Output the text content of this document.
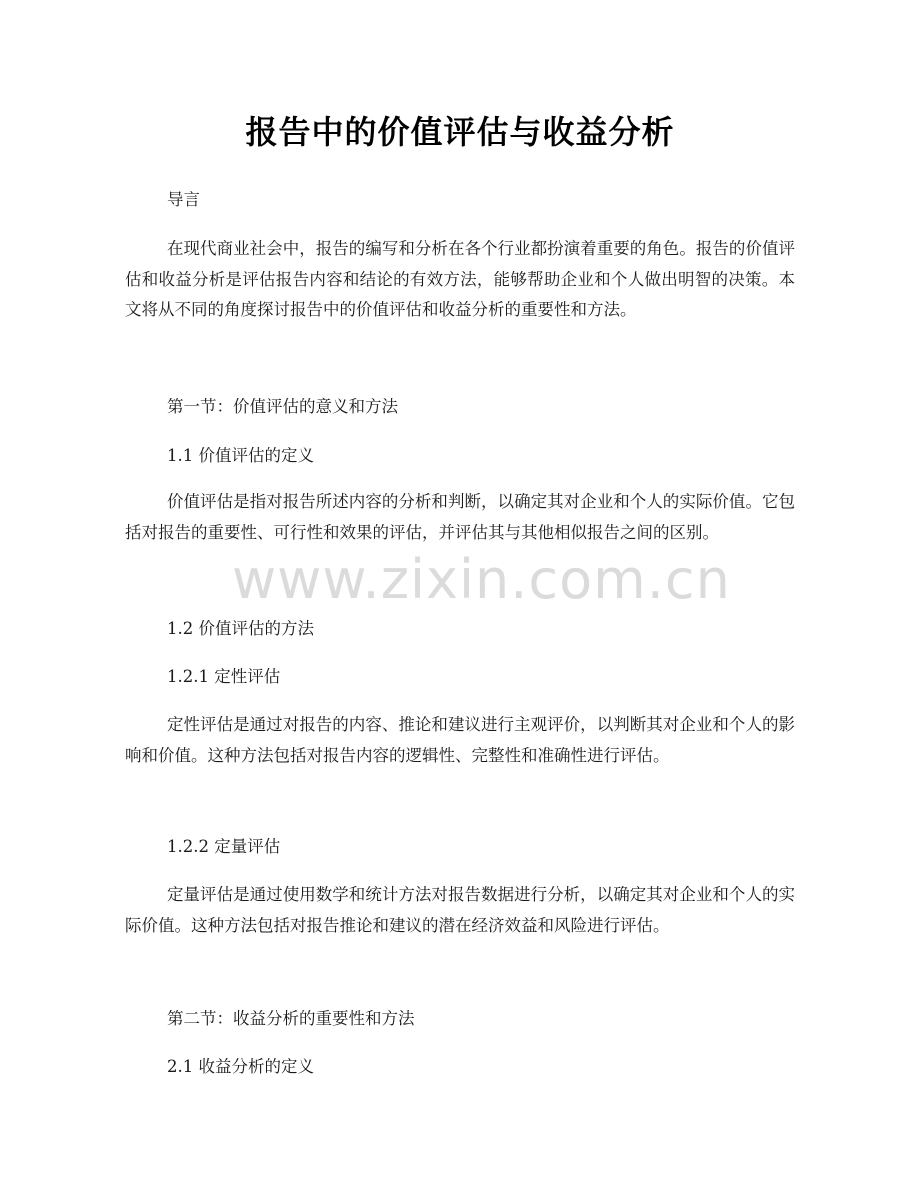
报告中的价值评估与收益分析

导言

在现代商业社会中，报告的编写和分析在各个行业都扮演着重要的角色。报告的价值评估和收益分析是评估报告内容和结论的有效方法，能够帮助企业和个人做出明智的决策。本文将从不同的角度探讨报告中的价值评估和收益分析的重要性和方法。

第一节：价值评估的意义和方法

1.1 价值评估的定义

价值评估是指对报告所述内容的分析和判断，以确定其对企业和个人的实际价值。它包括对报告的重要性、可行性和效果的评估，并评估其与其他相似报告之间的区别。

1.2 价值评估的方法

1.2.1 定性评估

定性评估是通过对报告的内容、推论和建议进行主观评价，以判断其对企业和个人的影响和价值。这种方法包括对报告内容的逻辑性、完整性和准确性进行评估。

1.2.2 定量评估

定量评估是通过使用数学和统计方法对报告数据进行分析，以确定其对企业和个人的实际价值。这种方法包括对报告推论和建议的潜在经济效益和风险进行评估。

第二节：收益分析的重要性和方法

2.1 收益分析的定义

www.zixin.com.cn
